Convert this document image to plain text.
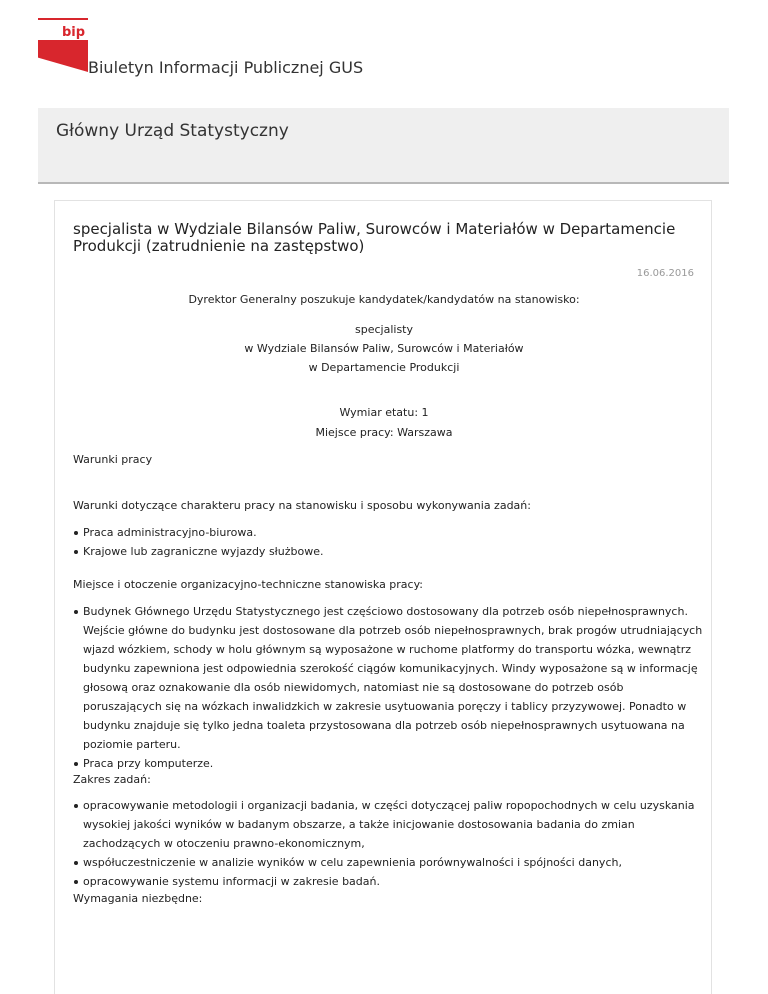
bip
Biuletyn Informacji Publicznej GUS
Główny Urząd Statystyczny
specjalista w Wydziale Bilansów Paliw, Surowców i Materiałów w Departamencie Produkcji (zatrudnienie na zastępstwo)
16.06.2016
Dyrektor Generalny poszukuje kandydatek/kandydatów na stanowisko:
specjalisty
w Wydziale Bilansów Paliw, Surowców i Materiałów
w Departamencie Produkcji
Wymiar etatu: 1
Miejsce pracy: Warszawa
Warunki pracy
Warunki dotyczące charakteru pracy na stanowisku i sposobu wykonywania zadań:
Praca administracyjno-biurowa.
Krajowe lub zagraniczne wyjazdy służbowe.
Miejsce i otoczenie organizacyjno-techniczne stanowiska pracy:
Budynek Głównego Urzędu Statystycznego jest częściowo dostosowany dla potrzeb osób niepełnosprawnych. Wejście główne do budynku jest dostosowane dla potrzeb osób niepełnosprawnych, brak progów utrudniających wjazd wózkiem, schody w holu głównym są wyposażone w ruchome platformy do transportu wózka, wewnątrz budynku zapewniona jest odpowiednia szerokość ciągów komunikacyjnych. Windy wyposażone są w informację głosową oraz oznakowanie dla osób niewidomych, natomiast nie są dostosowane do potrzeb osób poruszających się na wózkach inwalidzkich w zakresie usytuowania poręczy i tablicy przyzywowej. Ponadto w budynku znajduje się tylko jedna toaleta przystosowana dla potrzeb osób niepełnosprawnych usytuowana na poziomie parteru.
Praca przy komputerze.
Zakres zadań:
opracowywanie metodologii i organizacji badania, w części dotyczącej paliw ropopochodnych w celu uzyskania wysokiej jakości wyników w badanym obszarze, a także inicjowanie dostosowania badania do zmian zachodzących w otoczeniu prawno-ekonomicznym,
współuczestniczenie w analizie wyników w celu zapewnienia porównywalności i spójności danych,
opracowywanie systemu informacji w zakresie badań.
Wymagania niezbędne:
